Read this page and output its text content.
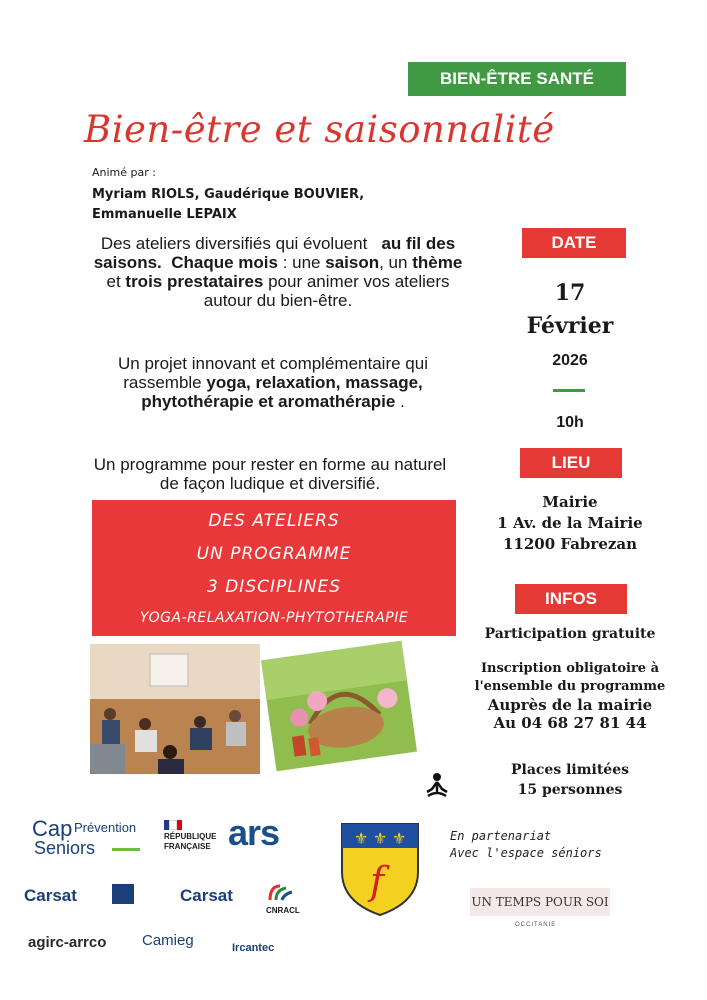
BIEN-ÊTRE SANTÉ
Bien-être et saisonnalité
Animé par :
Myriam RIOLS, Gaudérique BOUVIER,
Emmanuelle LEPAIX
Des ateliers diversifiés qui évoluent au fil des saisons. Chaque mois : une saison, un thème et trois prestataires pour animer vos ateliers autour du bien-être.
Un projet innovant et complémentaire qui rassemble yoga, relaxation, massage, phytothérapie et aromathérapie .
Un programme pour rester en forme au naturel de façon ludique et diversifié.
DES ATELIERS
UN PROGRAMME
3 DISCIPLINES
YOGA-RELAXATION-PHYTOTHERAPIE
DATE
17
Février
2026
10h
LIEU
Mairie
1 Av. de la Mairie
11200 Fabrezan
INFOS
Participation gratuite
Inscription obligatoire à
l'ensemble du programme
Auprès de la mairie
Au 04 68 27 81 44
Places limitées
15 personnes
Cap Prévention
Seniors
RÉPUBLIQUE
FRANÇAISE ars	⚜ ⚜ ⚜
f
En partenariat
Avec l'espace séniors
Carsat	Carsat
CNRACL
UN TEMPS POUR SOI
OCCITANIE
agirc-arrco Camieg	Ircantec
